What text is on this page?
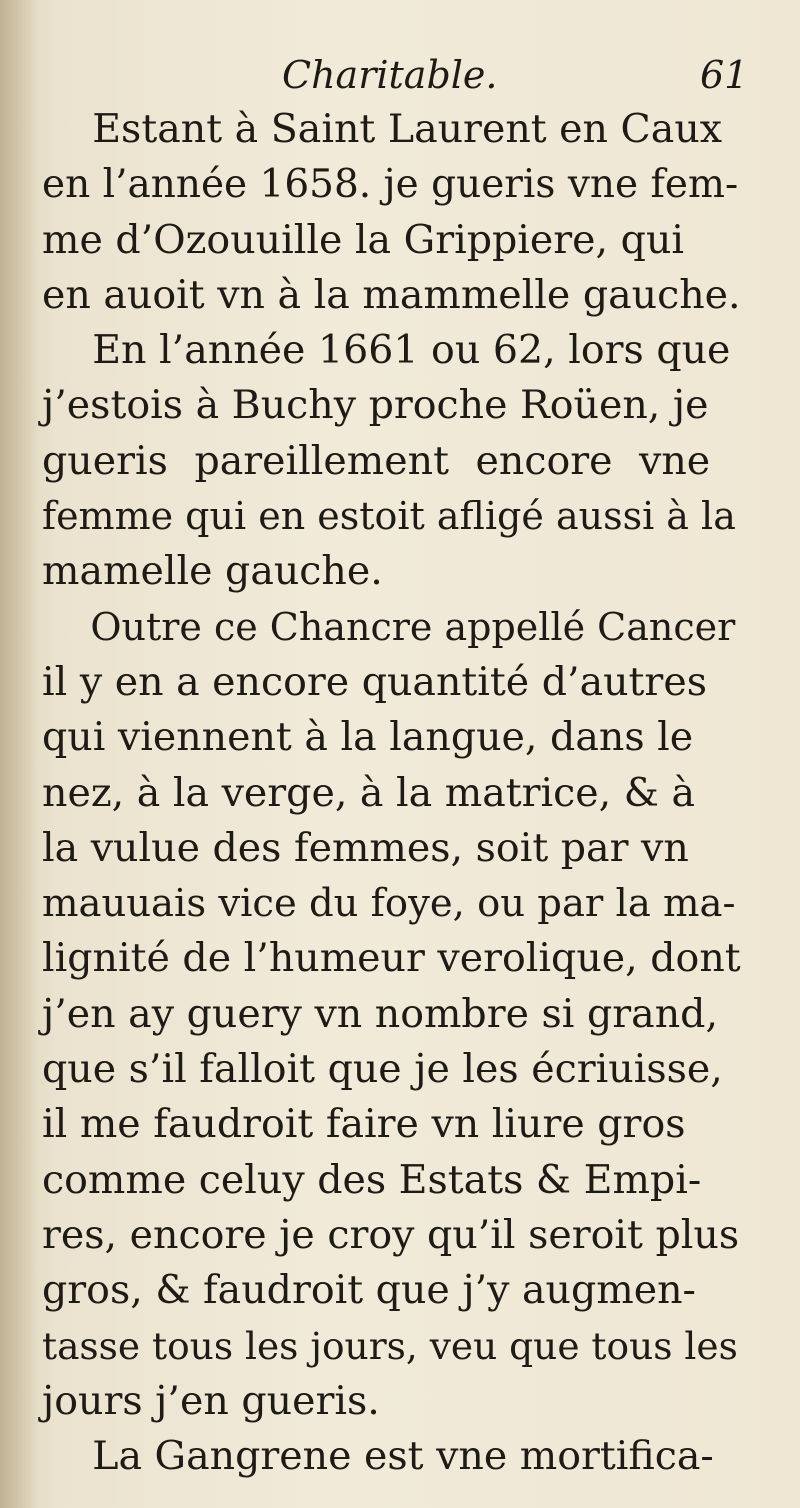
Charitable.	61
Estant à Saint Laurent en Caux
en l’année 1658. je gueris vne fem-
me d’Ozouuille la Grippiere, qui
en auoit vn à la mammelle gauche.
En l’année 1661 ou 62, lors que
j’estois à Buchy proche Roüen, je
gueris pareillement encore vne
femme qui en estoit afligé aussi à la
mamelle gauche.
Outre ce Chancre appellé Cancer
il y en a encore quantité d’autres
qui viennent à la langue, dans le
nez, à la verge, à la matrice, & à
la vulue des femmes, soit par vn
mauuais vice du foye, ou par la ma-
lignité de l’humeur verolique, dont
j’en ay guery vn nombre si grand,
que s’il falloit que je les écriuisse,
il me faudroit faire vn liure gros
comme celuy des Estats & Empi-
res, encore je croy qu’il seroit plus
gros, & faudroit que j’y augmen-
tasse tous les jours, veu que tous les
jours j’en gueris.
La Gangrene est vne mortifica-
